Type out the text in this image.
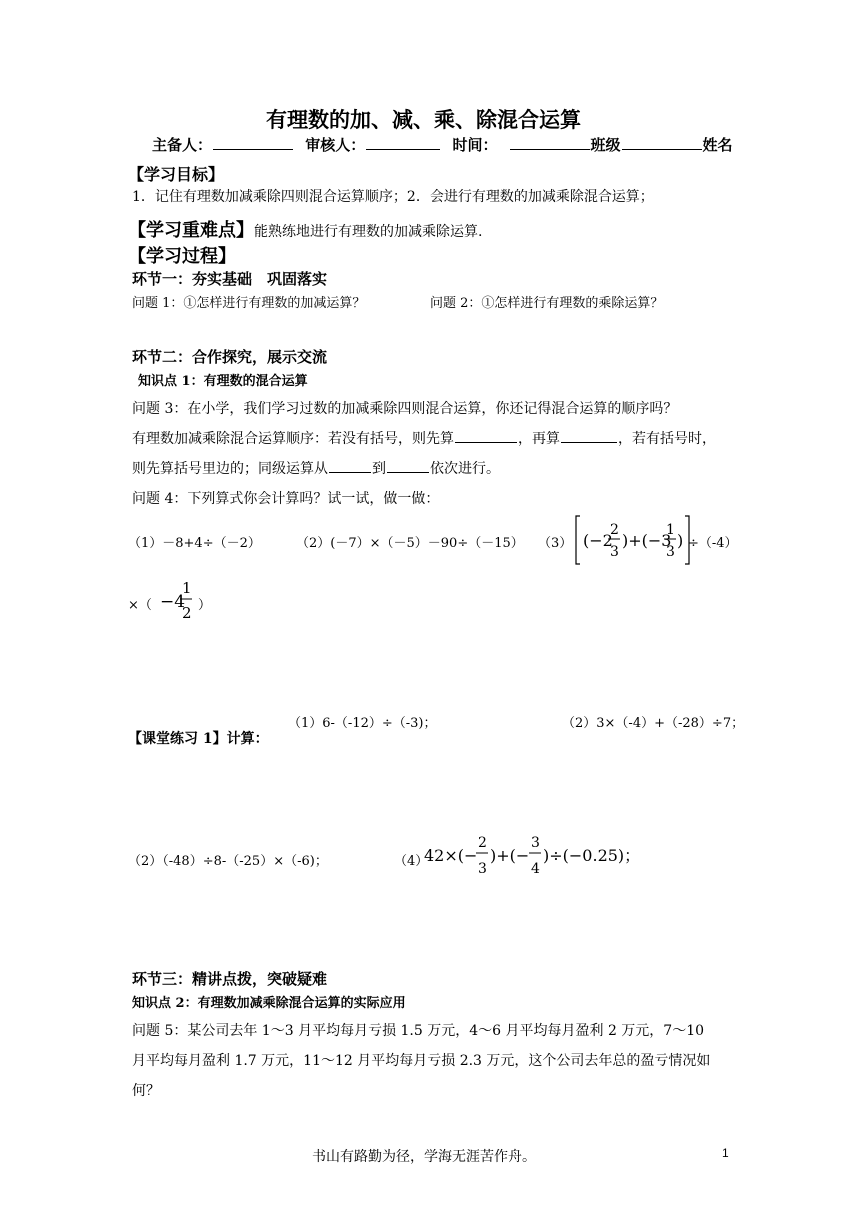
有理数的加、减、乘、除混合运算
主备人：	审核人：	时间：	班级	姓名
【学习目标】
1．记住有理数加减乘除四则混合运算顺序；2．会进行有理数的加减乘除混合运算；
【学习重难点】能熟练地进行有理数的加减乘除运算.
【学习过程】
环节一：夯实基础　巩固落实
问题 1：①怎样进行有理数的加减运算？	问题 2：①怎样进行有理数的乘除运算？
环节二：合作探究，展示交流
知识点 1：有理数的混合运算
问题 3：在小学，我们学习过数的加减乘除四则混合运算，你还记得混合运算的顺序吗？
有理数加减乘除混合运算顺序：若没有括号，则先算	，再算	，若有括号时，
则先算括号里边的；同级运算从	到	依次进行。
问题 4：下列算式你会计算吗？试一试，做一做：
（1）－8+4÷（－2）	（2）(－7）×（－5）－90÷（－15） （3） (−2
2
3
)+(−3
1
3
) ÷（-4）
×（ −4
1
2 ）
（1）6-（-12）÷（-3)；	（2）3×（-4）+（-28）÷7；
【课堂练习 1】计算：
（2）（-48）÷8-（-25）×（-6)；	（4）
42×(−
2
3
)+(−
3
4
)÷(−0.25)；
环节三：精讲点拨，突破疑难
知识点 2：有理数加减乘除混合运算的实际应用
问题 5：某公司去年 1～3 月平均每月亏损 1.5 万元，4～6 月平均每月盈利 2 万元，7～10
月平均每月盈利 1.7 万元，11～12 月平均每月亏损 2.3 万元，这个公司去年总的盈亏情况如
何？
书山有路勤为径，学海无涯苦作舟。	1
